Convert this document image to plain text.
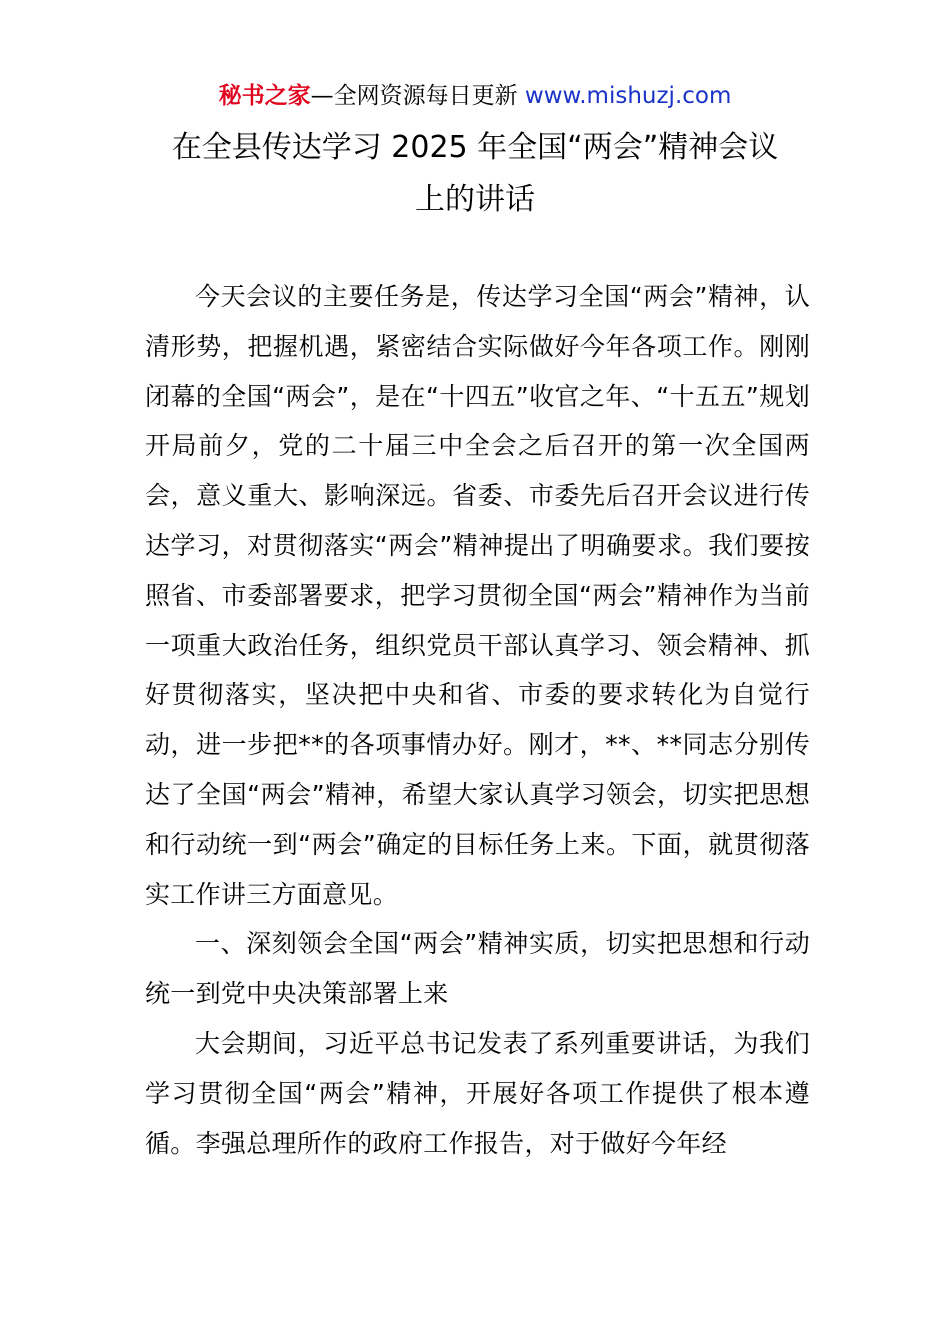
秘书之家—全网资源每日更新 www.mishuzj.com
在全县传达学习 2025 年全国“两会”精神会议
上的讲话

今天会议的主要任务是，传达学习全国“两会”精神，认清形势，把握机遇，紧密结合实际做好今年各项工作。刚刚闭幕的全国“两会”，是在“十四五”收官之年、“十五五”规划开局前夕，党的二十届三中全会之后召开的第一次全国两会，意义重大、影响深远。省委、市委先后召开会议进行传达学习，对贯彻落实“两会”精神提出了明确要求。我们要按照省、市委部署要求，把学习贯彻全国“两会”精神作为当前一项重大政治任务，组织党员干部认真学习、领会精神、抓好贯彻落实，坚决把中央和省、市委的要求转化为自觉行动，进一步把**的各项事情办好。刚才，**、**同志分别传达了全国“两会”精神，希望大家认真学习领会，切实把思想和行动统一到“两会”确定的目标任务上来。下面，就贯彻落实工作讲三方面意见。

一、深刻领会全国“两会”精神实质，切实把思想和行动统一到党中央决策部署上来

大会期间，习近平总书记发表了系列重要讲话，为我们学习贯彻全国“两会”精神，开展好各项工作提供了根本遵循。李强总理所作的政府工作报告，对于做好今年经
